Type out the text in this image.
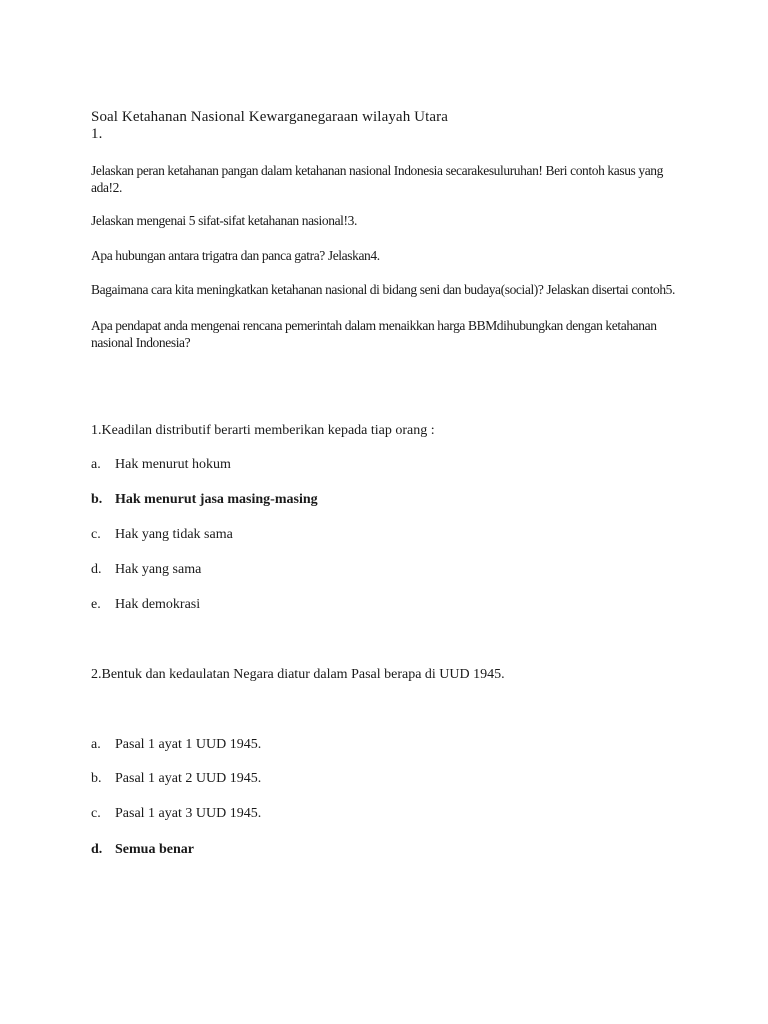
Soal Ketahanan Nasional Kewarganegaraan wilayah Utara
1.
Jelaskan peran ketahanan pangan dalam ketahanan nasional Indonesia secarakesuluruhan! Beri contoh kasus yang
ada!2.
Jelaskan mengenai 5 sifat-sifat ketahanan nasional!3.
Apa hubungan antara trigatra dan panca gatra? Jelaskan4.
Bagaimana cara kita meningkatkan ketahanan nasional di bidang seni dan budaya(social)? Jelaskan disertai contoh5.
Apa pendapat anda mengenai rencana pemerintah dalam menaikkan harga BBMdihubungkan dengan ketahanan
nasional Indonesia?
1.Keadilan distributif berarti memberikan kepada tiap orang :
a. Hak menurut hokum
b. Hak menurut jasa masing-masing
c. Hak yang tidak sama
d. Hak yang sama
e. Hak demokrasi
2.Bentuk dan kedaulatan Negara diatur dalam Pasal berapa di UUD 1945.
a. Pasal 1 ayat 1 UUD 1945.
b. Pasal 1 ayat 2 UUD 1945.
c. Pasal 1 ayat 3 UUD 1945.
d. Semua benar
